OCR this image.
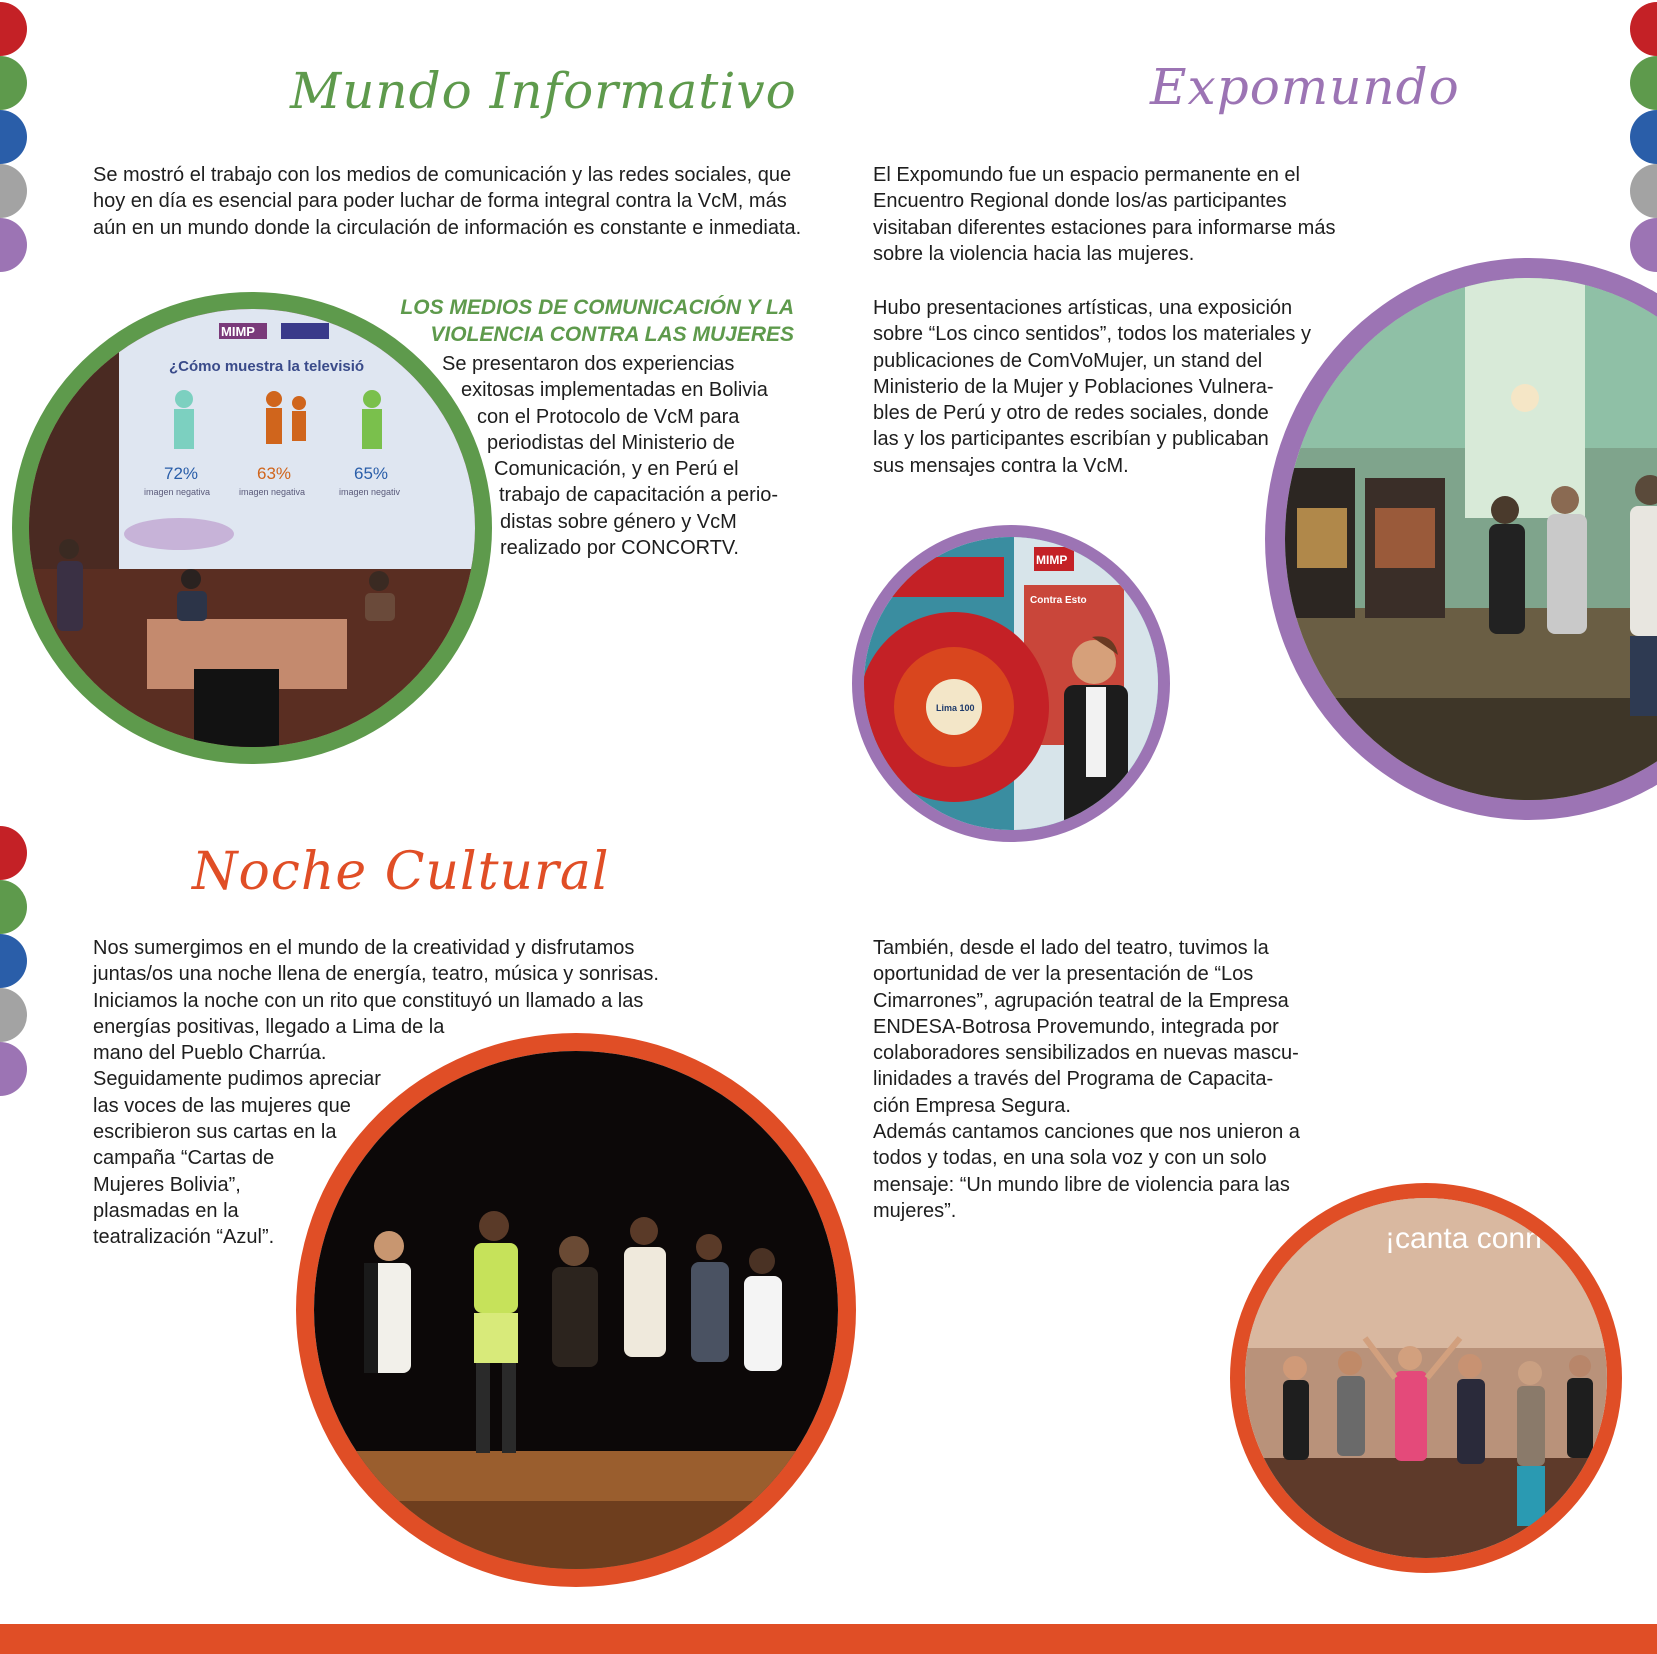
Mundo Informativo
Se mostró el trabajo con los medios de comunicación y las redes sociales, que
hoy en día es esencial para poder luchar de forma integral contra la VcM, más
aún en un mundo donde la circulación de información es constante e inmediata.
MIMP
¿Cómo muestra la televisió
72%
imagen negativa
63%
imagen negativa
65%
imagen negativ
LOS MEDIOS DE COMUNICACIÓN Y LA
VIOLENCIA CONTRA LAS MUJERES
Se presentaron dos experiencias
exitosas implementadas en Bolivia
con el Protocolo de VcM para
periodistas del Ministerio de
Comunicación, y en Perú el
trabajo de capacitación a perio-
distas sobre género y VcM
realizado por CONCORTV.
Expomundo
El Expomundo fue un espacio permanente en el
Encuentro Regional donde los/as participantes
visitaban diferentes estaciones para informarse más
sobre la violencia hacia las mujeres.
Hubo presentaciones artísticas, una exposición
sobre “Los cinco sentidos”, todos los materiales y
publicaciones de ComVoMujer, un stand del
Ministerio de la Mujer y Poblaciones Vulnera-
bles de Perú y otro de redes sociales, donde
las y los participantes escribían y publicaban
sus mensajes contra la VcM.
MIMP
Contra Esto
Lima 100
Noche Cultural
Nos sumergimos en el mundo de la creatividad y disfrutamos
juntas/os una noche llena de energía, teatro, música y sonrisas.
Iniciamos la noche con un rito que constituyó un llamado a las
energías positivas, llegado a Lima de la
mano del Pueblo Charrúa.
Seguidamente pudimos apreciar
las voces de las mujeres que
escribieron sus cartas en la
campaña “Cartas de
Mujeres Bolivia”,
plasmadas en la
teatralización “Azul”.
También, desde el lado del teatro, tuvimos la
oportunidad de ver la presentación de “Los
Cimarrones”, agrupación teatral de la Empresa
ENDESA-Botrosa Provemundo, integrada por
colaboradores sensibilizados en nuevas mascu-
linidades a través del Programa de Capacita-
ción Empresa Segura.
Además cantamos canciones que nos unieron a
todos y todas, en una sola voz y con un solo
mensaje: “Un mundo libre de violencia para las
mujeres”.
¡canta conn
